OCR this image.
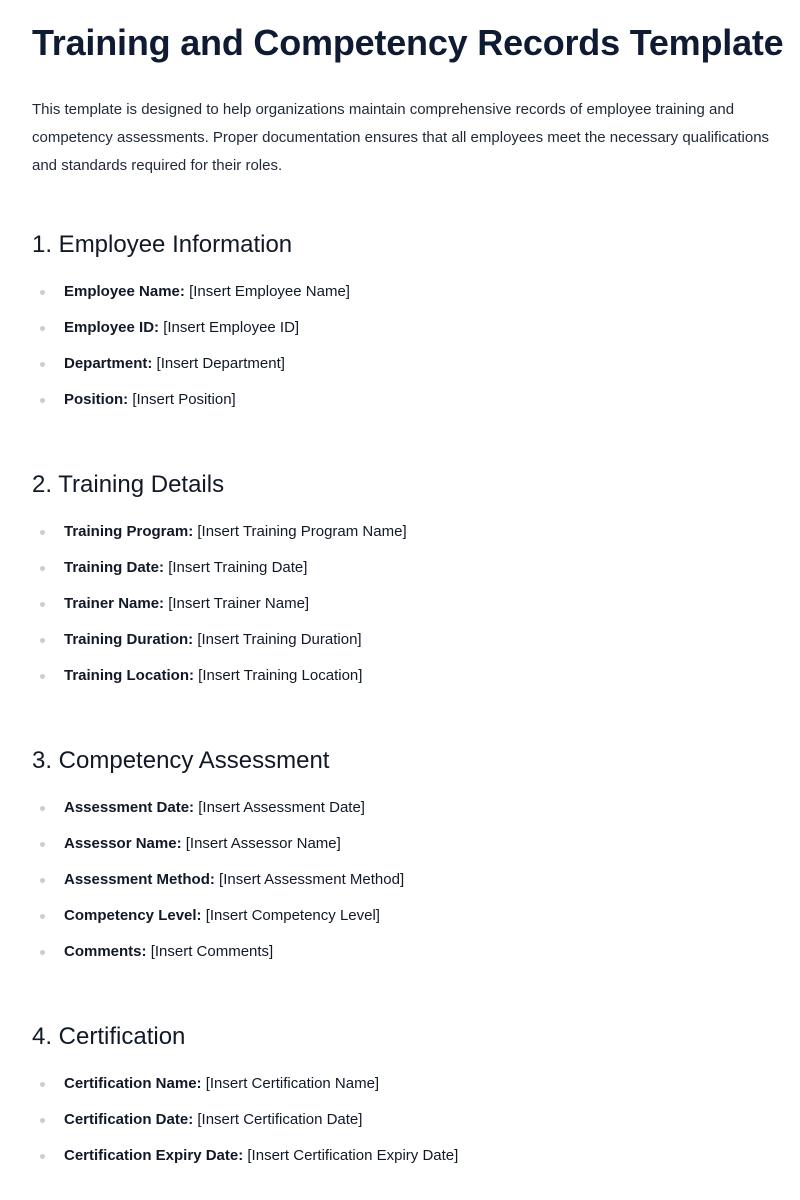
Training and Competency Records Template

This template is designed to help organizations maintain comprehensive records of employee training and competency assessments. Proper documentation ensures that all employees meet the necessary qualifications and standards required for their roles.

1. Employee Information
Employee Name: [Insert Employee Name]
Employee ID: [Insert Employee ID]
Department: [Insert Department]
Position: [Insert Position]
2. Training Details
Training Program: [Insert Training Program Name]
Training Date: [Insert Training Date]
Trainer Name: [Insert Trainer Name]
Training Duration: [Insert Training Duration]
Training Location: [Insert Training Location]
3. Competency Assessment
Assessment Date: [Insert Assessment Date]
Assessor Name: [Insert Assessor Name]
Assessment Method: [Insert Assessment Method]
Competency Level: [Insert Competency Level]
Comments: [Insert Comments]
4. Certification
Certification Name: [Insert Certification Name]
Certification Date: [Insert Certification Date]
Certification Expiry Date: [Insert Certification Expiry Date]
